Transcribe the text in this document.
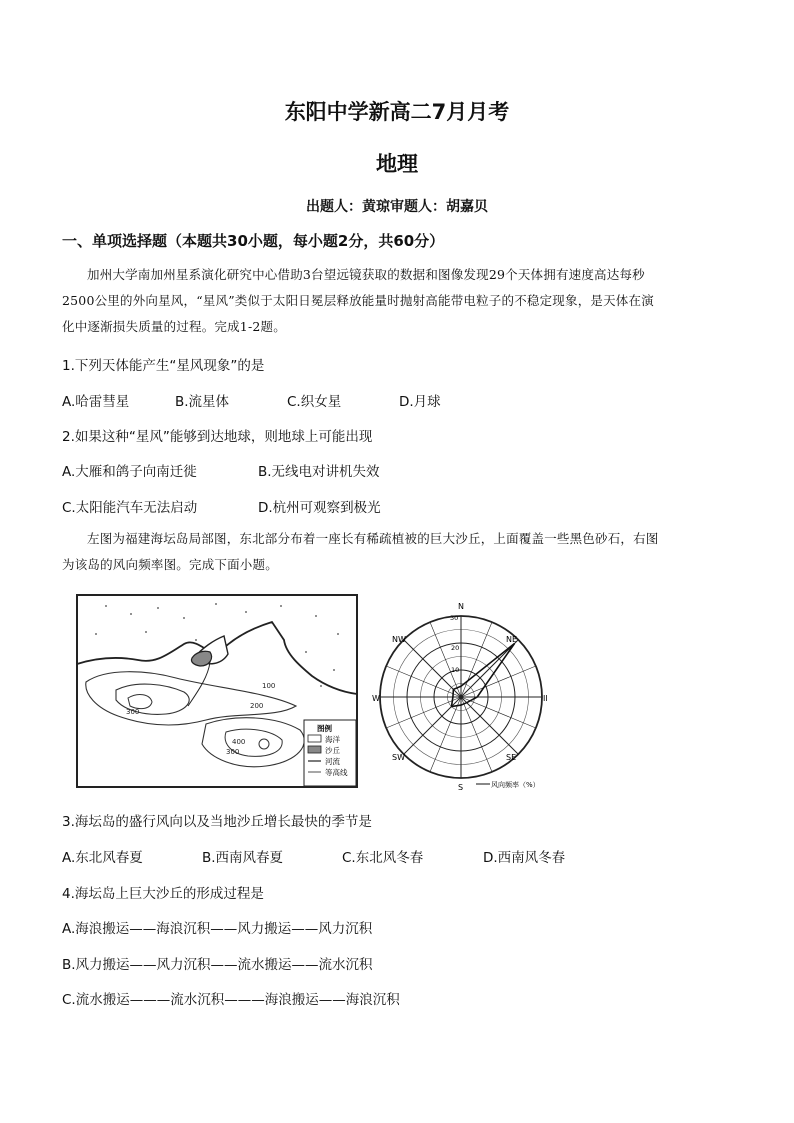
东阳中学新高二7月月考
地理
出题人：黄琼审题人：胡嘉贝
一、单项选择题（本题共30小题，每小题2分，共60分）
加州大学南加州星系演化研究中心借助3台望远镜获取的数据和图像发现29个天体拥有速度高达每秒
2500公里的外向星风，“星风”类似于太阳日冕层释放能量时抛射高能带电粒子的不稳定现象，是天体在演
化中逐渐损失质量的过程。完成1-2题。
1.下列天体能产生“星风现象”的是
A.哈雷彗星	B.流星体	C.织女星	D.月球
2.如果这种“星风”能够到达地球，则地球上可能出现
A.大雁和鸽子向南迁徙	B.无线电对讲机失效
C.太阳能汽车无法启动	D.杭州可观察到极光
左图为福建海坛岛局部图，东北部分布着一座长有稀疏植被的巨大沙丘，上面覆盖一些黑色砂石，右图
为该岛的风向频率图。完成下面小题。
100
200
300
400
300
图例
海洋
沙丘
河流
等高线
N
NE
II
SE
S
SW
W
NW
30
20
10
风向频率（%）
3.海坛岛的盛行风向以及当地沙丘增长最快的季节是
A.东北风春夏	B.西南风春夏	C.东北风冬春	D.西南风冬春
4.海坛岛上巨大沙丘的形成过程是
A.海浪搬运——海浪沉积——风力搬运——风力沉积
B.风力搬运——风力沉积——流水搬运——流水沉积
C.流水搬运———流水沉积———海浪搬运——海浪沉积
